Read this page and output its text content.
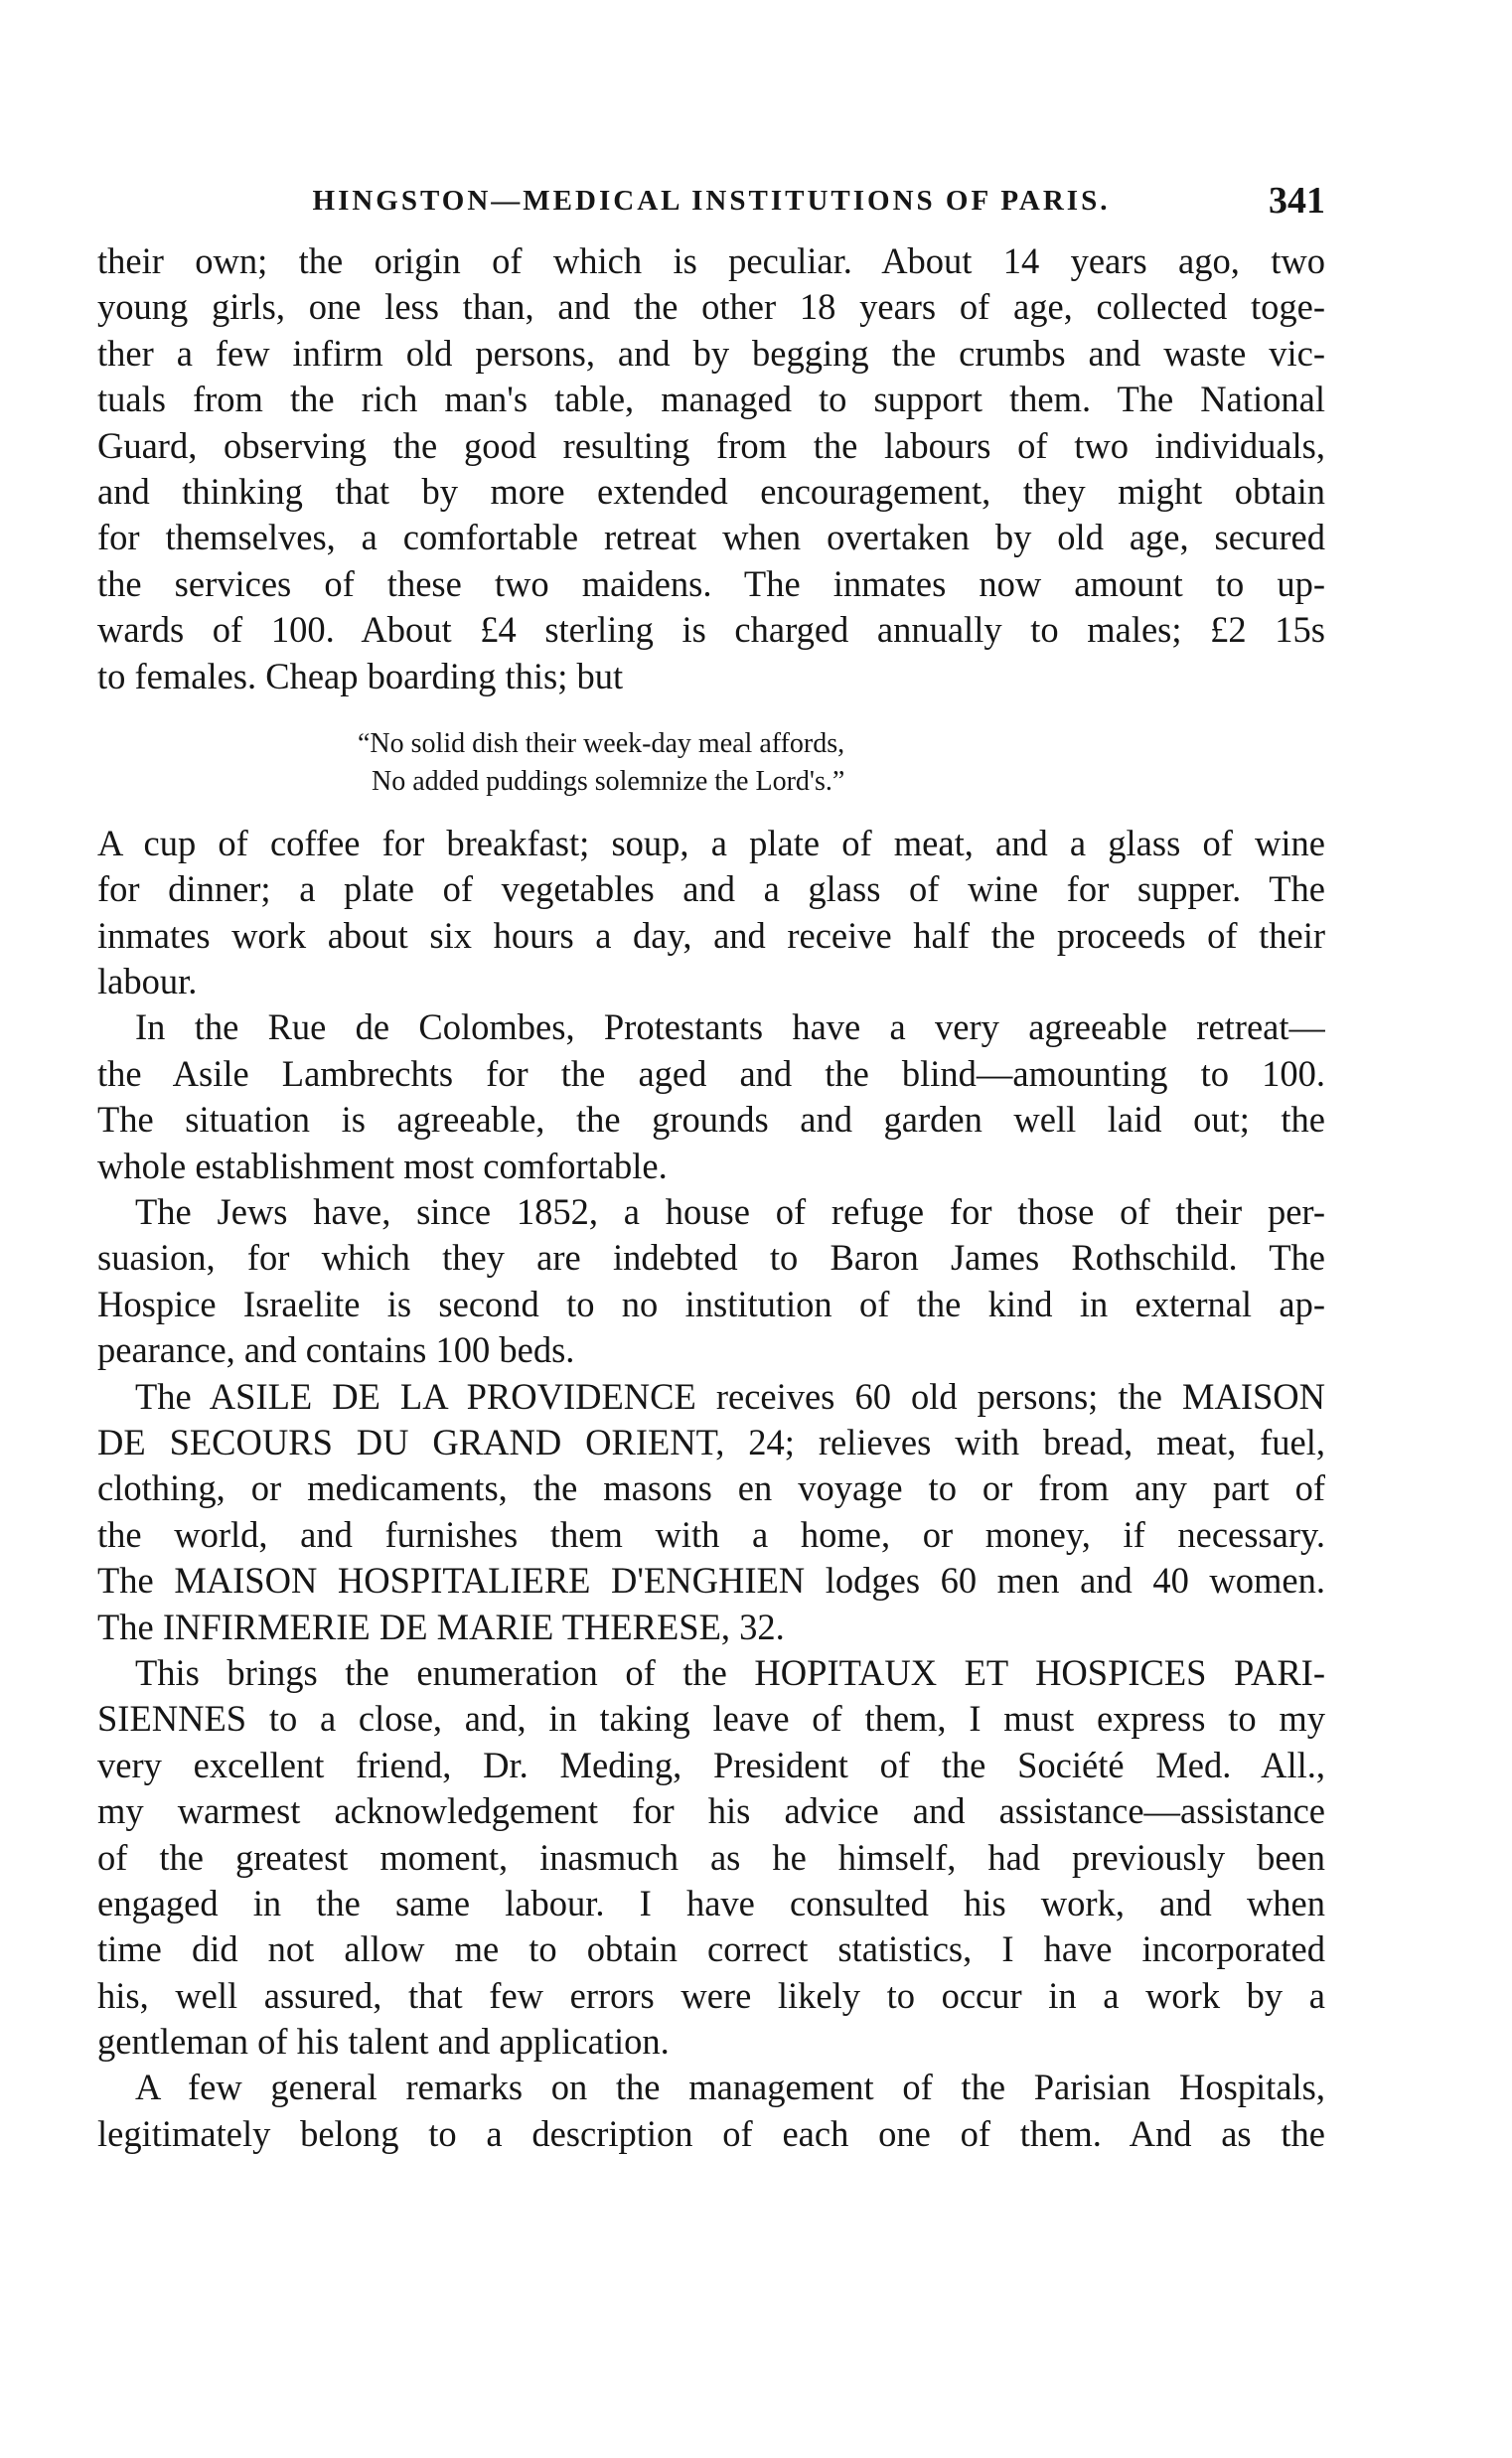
HINGSTON—MEDICAL INSTITUTIONS OF PARIS.	341
their own; the origin of which is peculiar. About 14 years ago, two
young girls, one less than, and the other 18 years of age, collected toge-
ther a few infirm old persons, and by begging the crumbs and waste vic-
tuals from the rich man's table, managed to support them. The National
Guard, observing the good resulting from the labours of two individuals,
and thinking that by more extended encouragement, they might obtain
for themselves, a comfortable retreat when overtaken by old age, secured
the services of these two maidens. The inmates now amount to up-
wards of 100. About £4 sterling is charged annually to males; £2 15s
to females. Cheap boarding this; but
“No solid dish their week-day meal affords,
No added puddings solemnize the Lord's.”
A cup of coffee for breakfast; soup, a plate of meat, and a glass of wine
for dinner; a plate of vegetables and a glass of wine for supper. The
inmates work about six hours a day, and receive half the proceeds of their
labour.
In the Rue de Colombes, Protestants have a very agreeable retreat—
the Asile Lambrechts for the aged and the blind—amounting to 100.
The situation is agreeable, the grounds and garden well laid out; the
whole establishment most comfortable.
The Jews have, since 1852, a house of refuge for those of their per-
suasion, for which they are indebted to Baron James Rothschild. The
Hospice Israelite is second to no institution of the kind in external ap-
pearance, and contains 100 beds.
The ASILE DE LA PROVIDENCE receives 60 old persons; the MAISON
DE SECOURS DU GRAND ORIENT, 24; relieves with bread, meat, fuel,
clothing, or medicaments, the masons en voyage to or from any part of
the world, and furnishes them with a home, or money, if necessary.
The MAISON HOSPITALIERE D'ENGHIEN lodges 60 men and 40 women.
The INFIRMERIE DE MARIE THERESE, 32.
This brings the enumeration of the HOPITAUX ET HOSPICES PARI-
SIENNES to a close, and, in taking leave of them, I must express to my
very excellent friend, Dr. Meding, President of the Société Med. All.,
my warmest acknowledgement for his advice and assistance—assistance
of the greatest moment, inasmuch as he himself, had previously been
engaged in the same labour. I have consulted his work, and when
time did not allow me to obtain correct statistics, I have incorporated
his, well assured, that few errors were likely to occur in a work by a
gentleman of his talent and application.
A few general remarks on the management of the Parisian Hospitals,
legitimately belong to a description of each one of them. And as the
